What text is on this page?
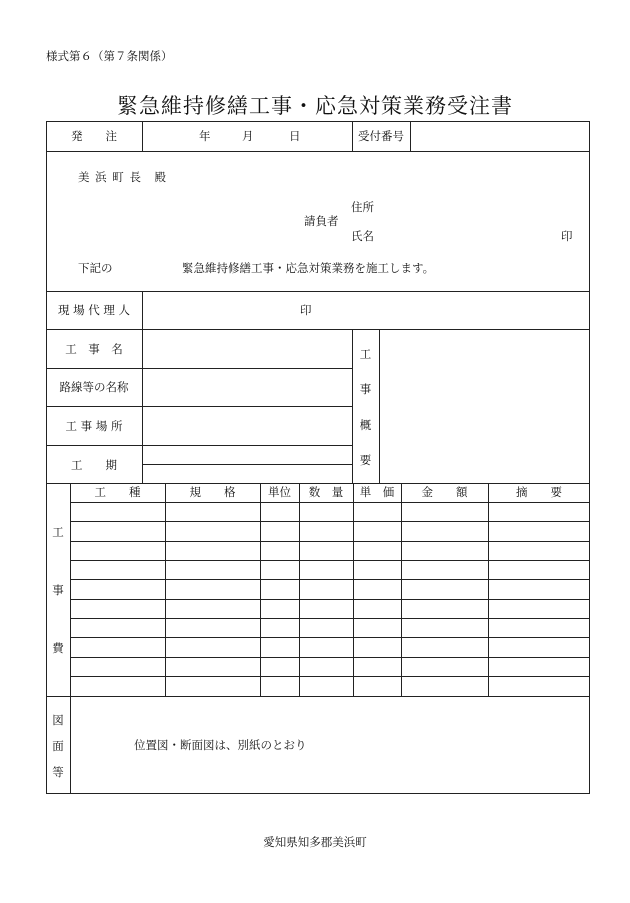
様式第６（第７条関係）
緊急維持修繕工事・応急対策業務受注書
発　　注	年	月	日	受付番号
美 浜 町 長　殿
住所
請負者
氏名	印
下記の	緊急維持修繕工事・応急対策業務を施工します。
現 場 代 理 人	印
工　事　名
路線等の名称
工 事 場 所
工　　期
工
事
概
要
工
事
費
工　　種	規　　格	単位	数　量	単　価	金　　額	摘　　要
図
面
等
位置図・断面図は、別紙のとおり
愛知県知多郡美浜町
